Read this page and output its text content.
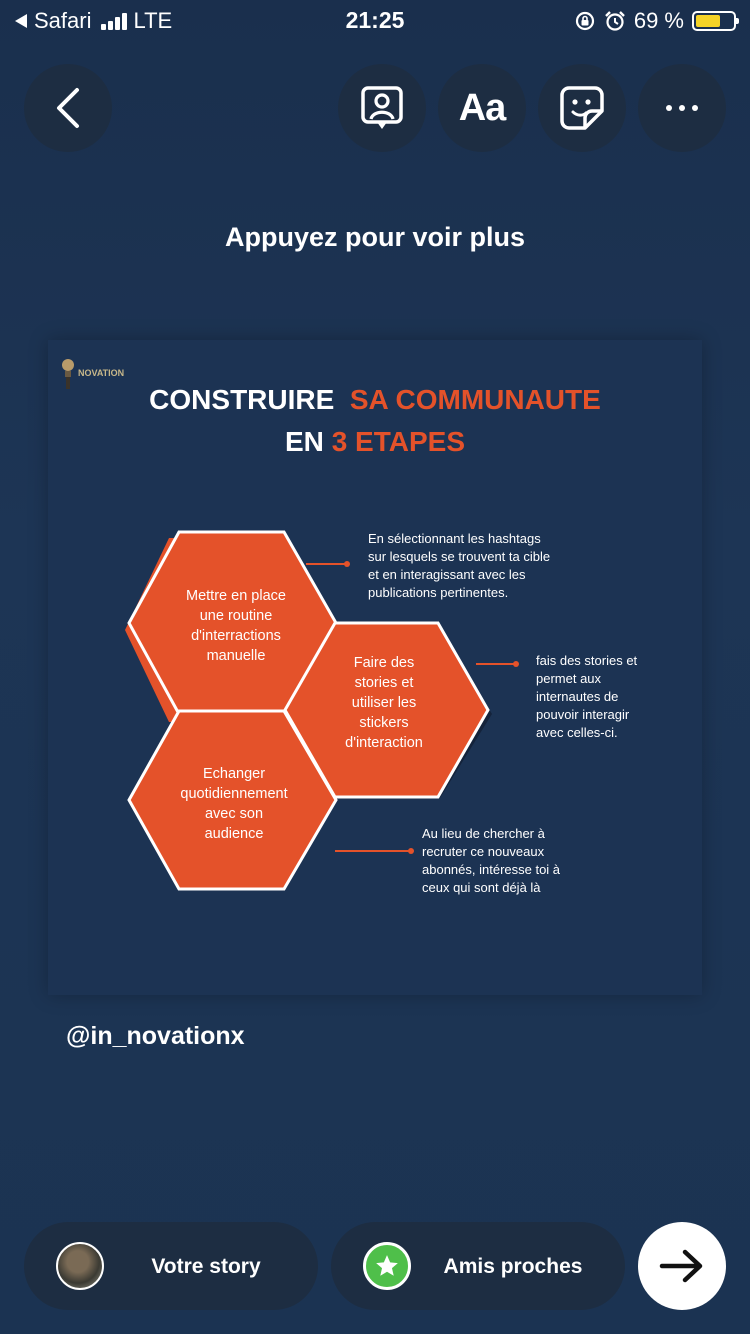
Safari LTE	21:25	69 %
Aa
Appuyez pour voir plus
NOVATION
CONSTRUIRE SA COMMUNAUTE
EN 3 ETAPES
Mettre en place
une routine
d'interractions
manuelle	Faire des
stories et
utiliser les
stickers
d'interaction
Echanger
quotidiennement
avec son
audience
En sélectionnant les hashtags
sur lesquels se trouvent ta cible
et en interagissant avec les
publications pertinentes.
fais des stories et
permet aux
internautes de
pouvoir interagir
avec celles-ci.
Au lieu de chercher à
recruter ce nouveaux
abonnés, intéresse toi à
ceux qui sont déjà là
@in_novationx
Votre story	Amis proches
